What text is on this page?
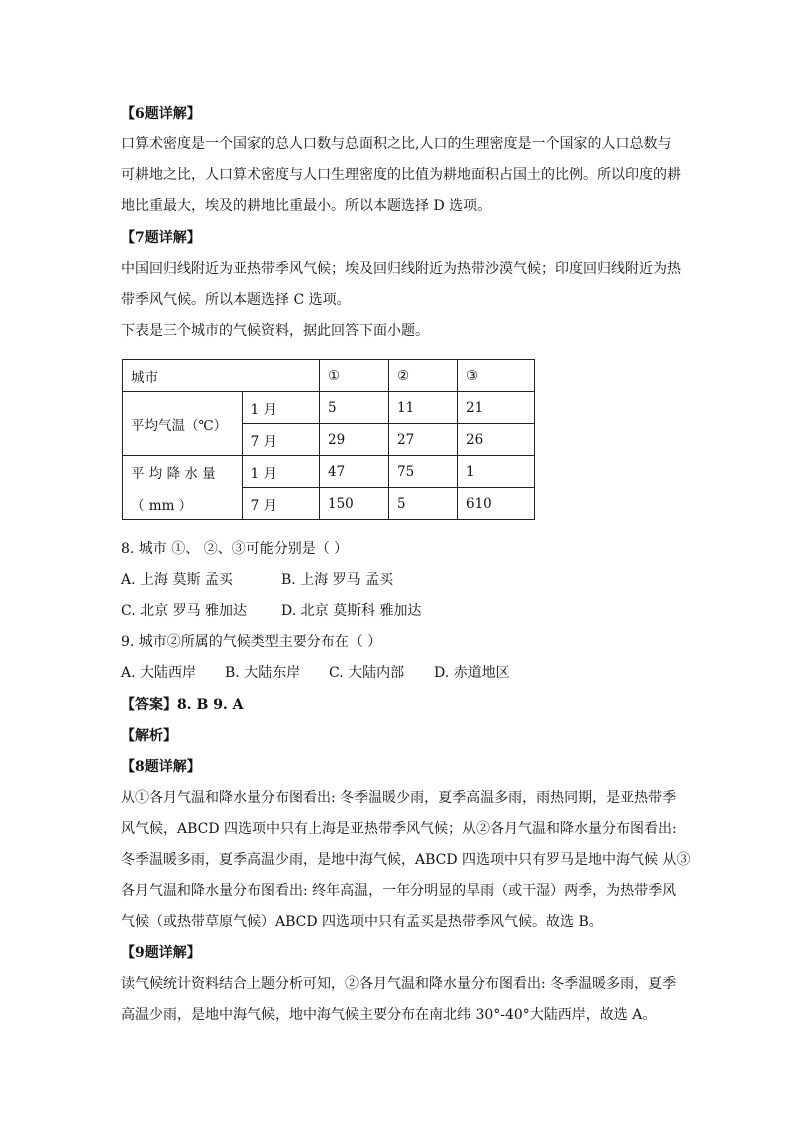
【6题详解】
口算术密度是一个国家的总人口数与总面积之比,人口的生理密度是一个国家的人口总数与
可耕地之比，人口算术密度与人口生理密度的比值为耕地面积占国土的比例。所以印度的耕
地比重最大，埃及的耕地比重最小。所以本题选择 D 选项。
【7题详解】
中国回归线附近为亚热带季风气候；埃及回归线附近为热带沙漠气候；印度回归线附近为热
带季风气候。所以本题选择 C 选项。
下表是三个城市的气候资料，据此回答下面小题。
城市		①	②	③
平均气温（℃）	1 月	5	11	21
	7 月	29	27	26

平 均 降 水 量
（ mm ）	1 月	47	75	1
	7 月	150	5	610
8. 城市 ①、 ②、③可能分别是（ ）
A. 上海 莫斯 孟买	B. 上海 罗马 孟买
C. 北京 罗马 雅加达 D. 北京 莫斯科 雅加达
9. 城市②所属的气候类型主要分布在（ ）
A. 大陆西岸 B. 大陆东岸 C. 大陆内部 D. 赤道地区
【答案】8. B 9. A
【解析】
【8题详解】
从①各月气温和降水量分布图看出: 冬季温暖少雨，夏季高温多雨，雨热同期，是亚热带季
风气候，ABCD 四选项中只有上海是亚热带季风气候；从②各月气温和降水量分布图看出:
冬季温暖多雨，夏季高温少雨，是地中海气候，ABCD 四选项中只有罗马是地中海气候 从③
各月气温和降水量分布图看出: 终年高温，一年分明显的旱雨（或干湿）两季，为热带季风
气候（或热带草原气候）ABCD 四选项中只有孟买是热带季风气候。故选 B。
【9题详解】
读气候统计资料结合上题分析可知，②各月气温和降水量分布图看出: 冬季温暖多雨，夏季
高温少雨，是地中海气候，地中海气候主要分布在南北纬 30°-40°大陆西岸，故选 A。
